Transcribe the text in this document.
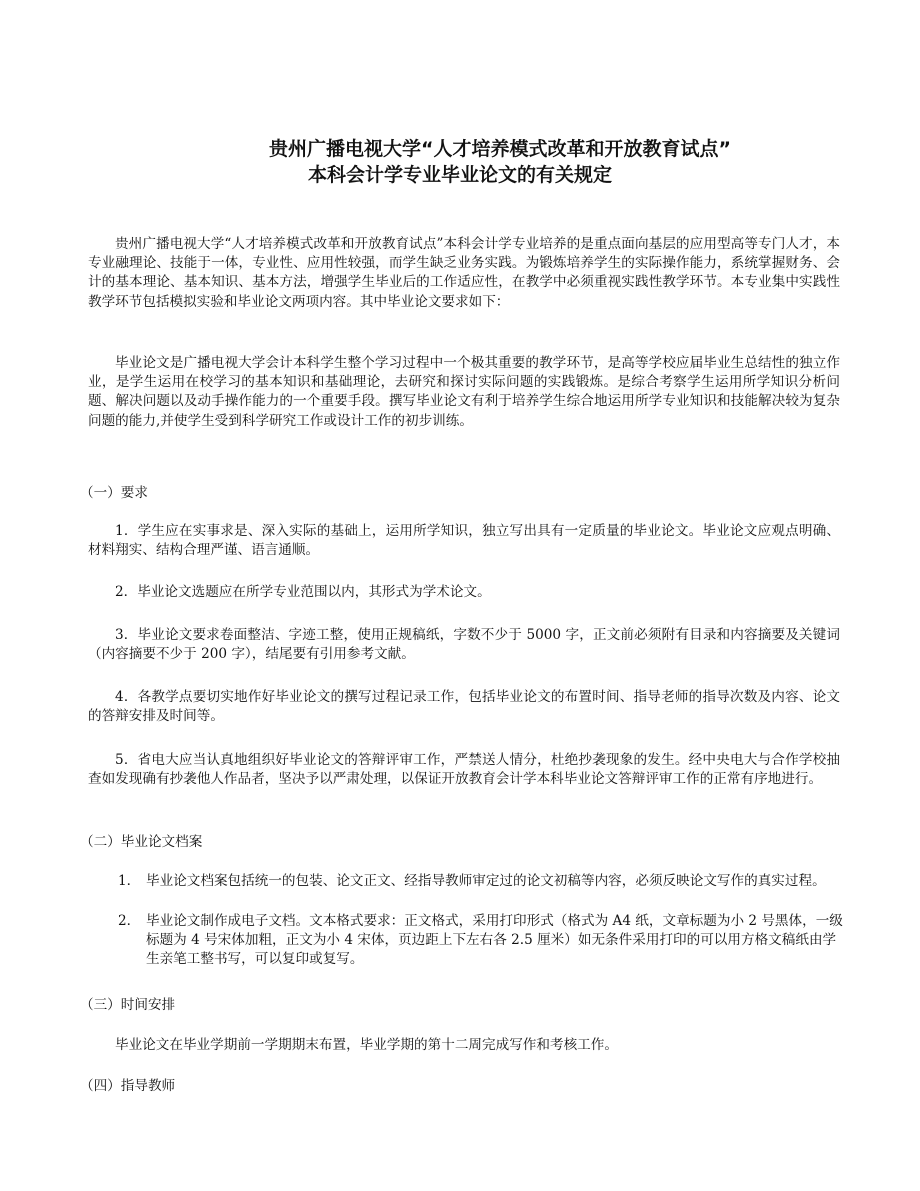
贵州广播电视大学“人才培养模式改革和开放教育试点”
本科会计学专业毕业论文的有关规定

贵州广播电视大学“人才培养模式改革和开放教育试点”本科会计学专业培养的是重点面向基层的应用型高等专门人才，本专业融理论、技能于一体，专业性、应用性较强，而学生缺乏业务实践。为锻炼培养学生的实际操作能力，系统掌握财务、会计的基本理论、基本知识、基本方法，增强学生毕业后的工作适应性，在教学中必须重视实践性教学环节。本专业集中实践性教学环节包括模拟实验和毕业论文两项内容。其中毕业论文要求如下：

毕业论文是广播电视大学会计本科学生整个学习过程中一个极其重要的教学环节，是高等学校应届毕业生总结性的独立作业，是学生运用在校学习的基本知识和基础理论，去研究和探讨实际问题的实践锻炼。是综合考察学生运用所学知识分析问题、解决问题以及动手操作能力的一个重要手段。撰写毕业论文有利于培养学生综合地运用所学专业知识和技能解决较为复杂问题的能力,并使学生受到科学研究工作或设计工作的初步训练。

（一）要求

1．学生应在实事求是、深入实际的基础上，运用所学知识，独立写出具有一定质量的毕业论文。毕业论文应观点明确、材料翔实、结构合理严谨、语言通顺。

2．毕业论文选题应在所学专业范围以内，其形式为学术论文。

3．毕业论文要求卷面整洁、字迹工整，使用正规稿纸，字数不少于 5000 字，正文前必须附有目录和内容摘要及关键词（内容摘要不少于 200 字），结尾要有引用参考文献。

4．各教学点要切实地作好毕业论文的撰写过程记录工作，包括毕业论文的布置时间、指导老师的指导次数及内容、论文的答辩安排及时间等。

5．省电大应当认真地组织好毕业论文的答辩评审工作，严禁送人情分，杜绝抄袭现象的发生。经中央电大与合作学校抽查如发现确有抄袭他人作品者，坚决予以严肃处理，以保证开放教育会计学本科毕业论文答辩评审工作的正常有序地进行。

（二）毕业论文档案

1． 毕业论文档案包括统一的包装、论文正文、经指导教师审定过的论文初稿等内容，必须反映论文写作的真实过程。
2． 毕业论文制作成电子文档。文本格式要求：正文格式，采用打印形式（格式为 A4 纸，文章标题为小 2 号黑体，一级标题为 4 号宋体加粗，正文为小 4 宋体，页边距上下左右各 2.5 厘米）如无条件采用打印的可以用方格文稿纸由学生亲笔工整书写，可以复印或复写。

（三）时间安排

毕业论文在毕业学期前一学期期末布置，毕业学期的第十二周完成写作和考核工作。

（四）指导教师
